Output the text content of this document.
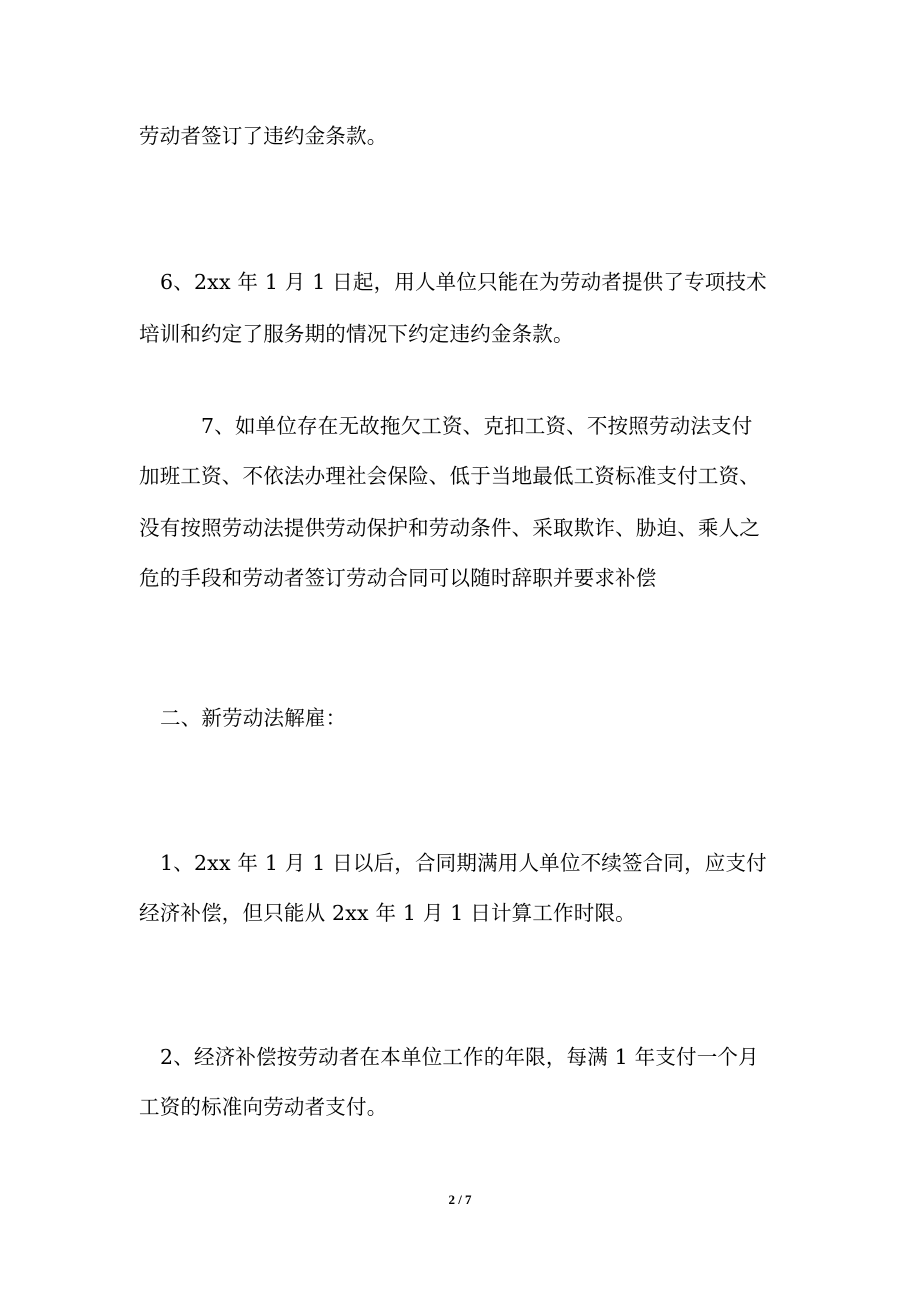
劳动者签订了违约金条款。
6、2xx 年 1 月 1 日起，用人单位只能在为劳动者提供了专项技术
培训和约定了服务期的情况下约定违约金条款。
7、如单位存在无故拖欠工资、克扣工资、不按照劳动法支付
加班工资、不依法办理社会保险、低于当地最低工资标准支付工资、
没有按照劳动法提供劳动保护和劳动条件、采取欺诈、胁迫、乘人之
危的手段和劳动者签订劳动合同可以随时辞职并要求补偿
二、新劳动法解雇：
1、2xx 年 1 月 1 日以后，合同期满用人单位不续签合同，应支付
经济补偿，但只能从 2xx 年 1 月 1 日计算工作时限。
2、经济补偿按劳动者在本单位工作的年限，每满 1 年支付一个月
工资的标准向劳动者支付。
2 / 7
